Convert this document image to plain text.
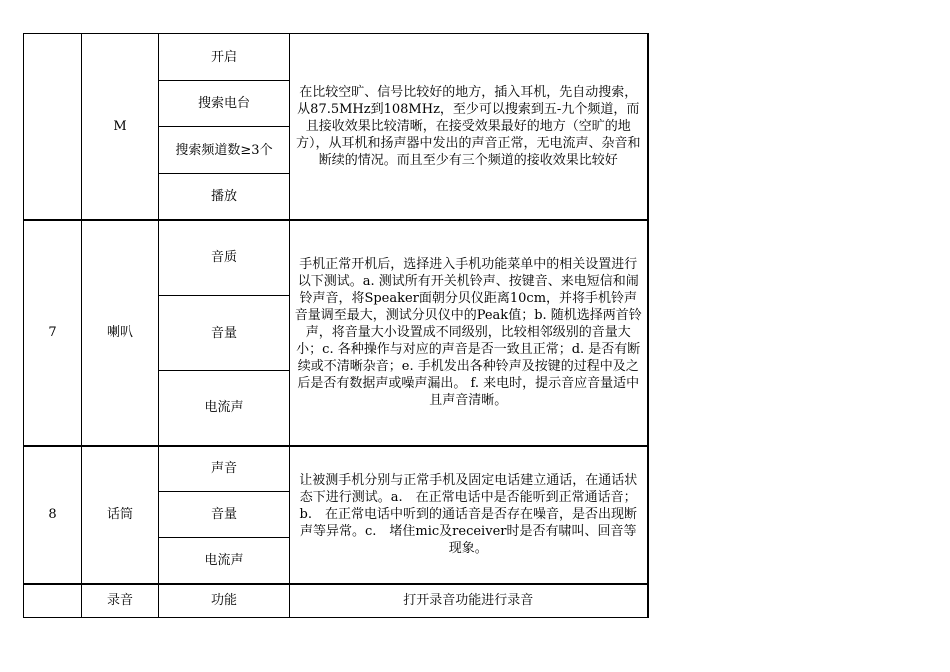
	M	开启	在比较空旷、信号比较好的地方，插入耳机，先自动搜索，从87.5MHz到108MHz，至少可以搜索到五-九个频道，而且接收效果比较清晰，在接受效果最好的地方（空旷的地方），从耳机和扬声器中发出的声音正常，无电流声、杂音和断续的情况。而且至少有三个频道的接收效果比较好
		搜索电台	
		搜索频道数≥3个	
		播放	
7	喇叭	音质	手机正常开机后，选择进入手机功能菜单中的相关设置进行以下测试。a. 测试所有开关机铃声、按键音、来电短信和闹铃声音，将Speaker面朝分贝仪距离10cm，并将手机铃声音量调至最大，测试分贝仪中的Peak值；b. 随机选择两首铃声，将音量大小设置成不同级别，比较相邻级别的音量大小；c. 各种操作与对应的声音是否一致且正常；d. 是否有断续或不清晰杂音；e. 手机发出各种铃声及按键的过程中及之后是否有数据声或噪声漏出。 f. 来电时，提示音应音量适中且声音清晰。
		音量	
		电流声	
8	话筒	声音	让被测手机分别与正常手机及固定电话建立通话，在通话状态下进行测试。a.　在正常电话中是否能听到正常通话音；b.　在正常电话中听到的通话音是否存在噪音，是否出现断声等异常。c.　堵住mic及receiver时是否有啸叫、回音等现象。
		音量	
		电流声	
	录音	功能	打开录音功能进行录音
